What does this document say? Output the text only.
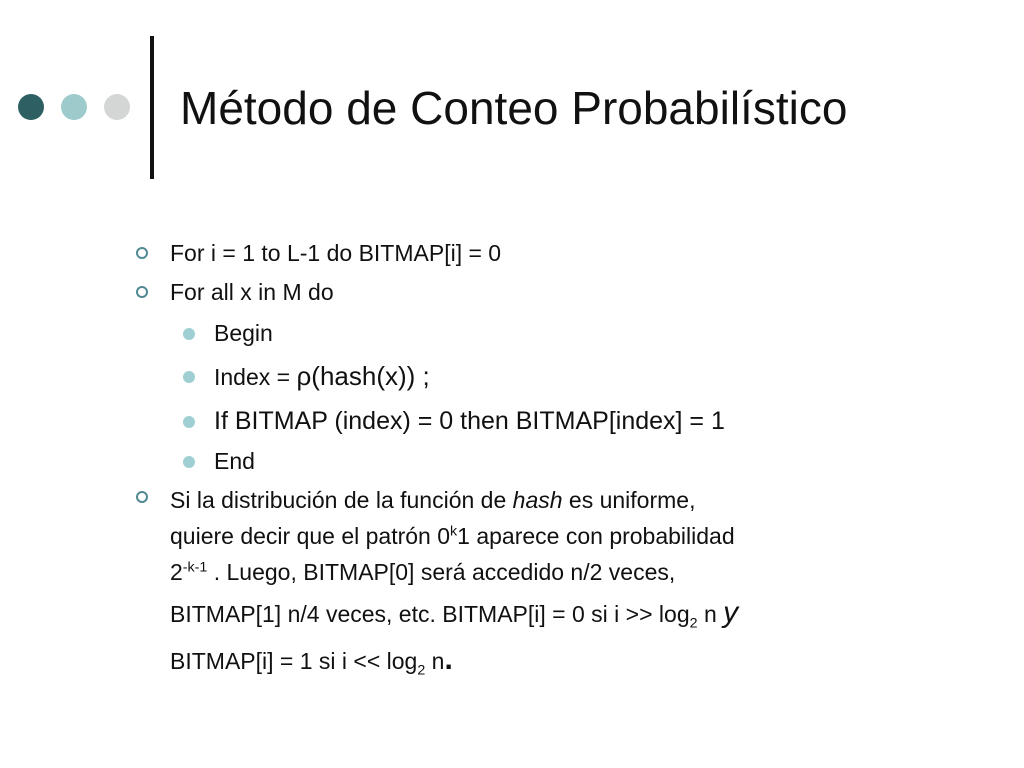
Método de Conteo Probabilístico
For i = 1 to L-1 do BITMAP[i] = 0
For all x in M do
Begin
Index = ρ(hash(x)) ;
If BITMAP (index) = 0 then BITMAP[index] = 1
End
Si la distribución de la función de hash es uniforme,
quiere decir que el patrón 0$^k$1 aparece con probabilidad
$2^{-k-1}$ . Luego, BITMAP[0] será accedido n/2 veces,
BITMAP[1] n/4 veces, etc. BITMAP[i] = 0 si $i >> \log_2 n$ y
BITMAP[i] = 1 si $i << \log_2 n$.
